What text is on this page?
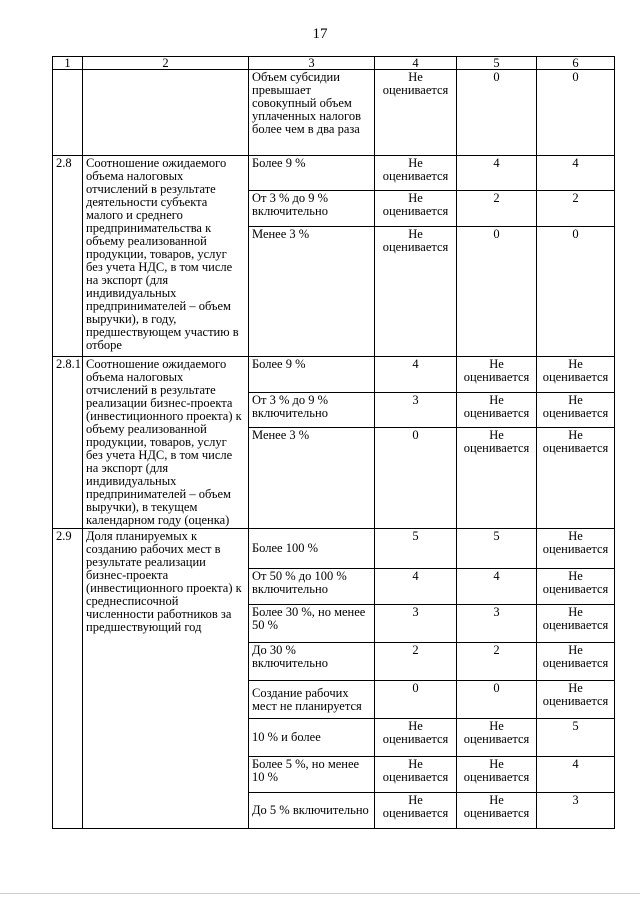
17
1	2	3	4	5	6
		Объем субсидии превышает совокупный объем уплаченных налогов более чем в два раза	Не оценивается	0	0
2.8	Соотношение ожидаемого объема налоговых отчислений в результате деятельности субъекта малого и среднего предпринимательства к объему реализованной продукции, товаров, услуг без учета НДС, в том числе на экспорт (для индивидуальных предпринимателей – объем выручки), в году, предшествующем участию в отборе	Более 9 %	Не оценивается	4	4
		От 3 % до 9 % включительно	Не оценивается	2	2
		Менее 3 %	Не оценивается	0	0
2.8.1	Соотношение ожидаемого объема налоговых отчислений в результате реализации бизнес-проекта (инвестиционного проекта) к объему реализованной продукции, товаров, услуг без учета НДС, в том числе на экспорт (для индивидуальных предпринимателей – объем выручки), в текущем календарном году (оценка)	Более 9 %	4	Не оценивается	Не оценивается
		От 3 % до 9 % включительно	3	Не оценивается	Не оценивается
		Менее 3 %	0	Не оценивается	Не оценивается
2.9	Доля планируемых к созданию рабочих мест в результате реализации бизнес-проекта (инвестиционного проекта) к среднесписочной численности работников за предшествующий год	Более 100 %	5	5	Не оценивается
		От 50 % до 100 % включительно	4	4	Не оценивается
		Более 30 %, но менее 50 %	3	3	Не оценивается
		До 30 % включительно	2	2	Не оценивается
		Создание рабочих мест не планируется	0	0	Не оценивается
		10 % и более	Не оценивается	Не оценивается	5
		Более 5 %, но менее 10 %	Не оценивается	Не оценивается	4
		До 5 % включительно	Не оценивается	Не оценивается	3
